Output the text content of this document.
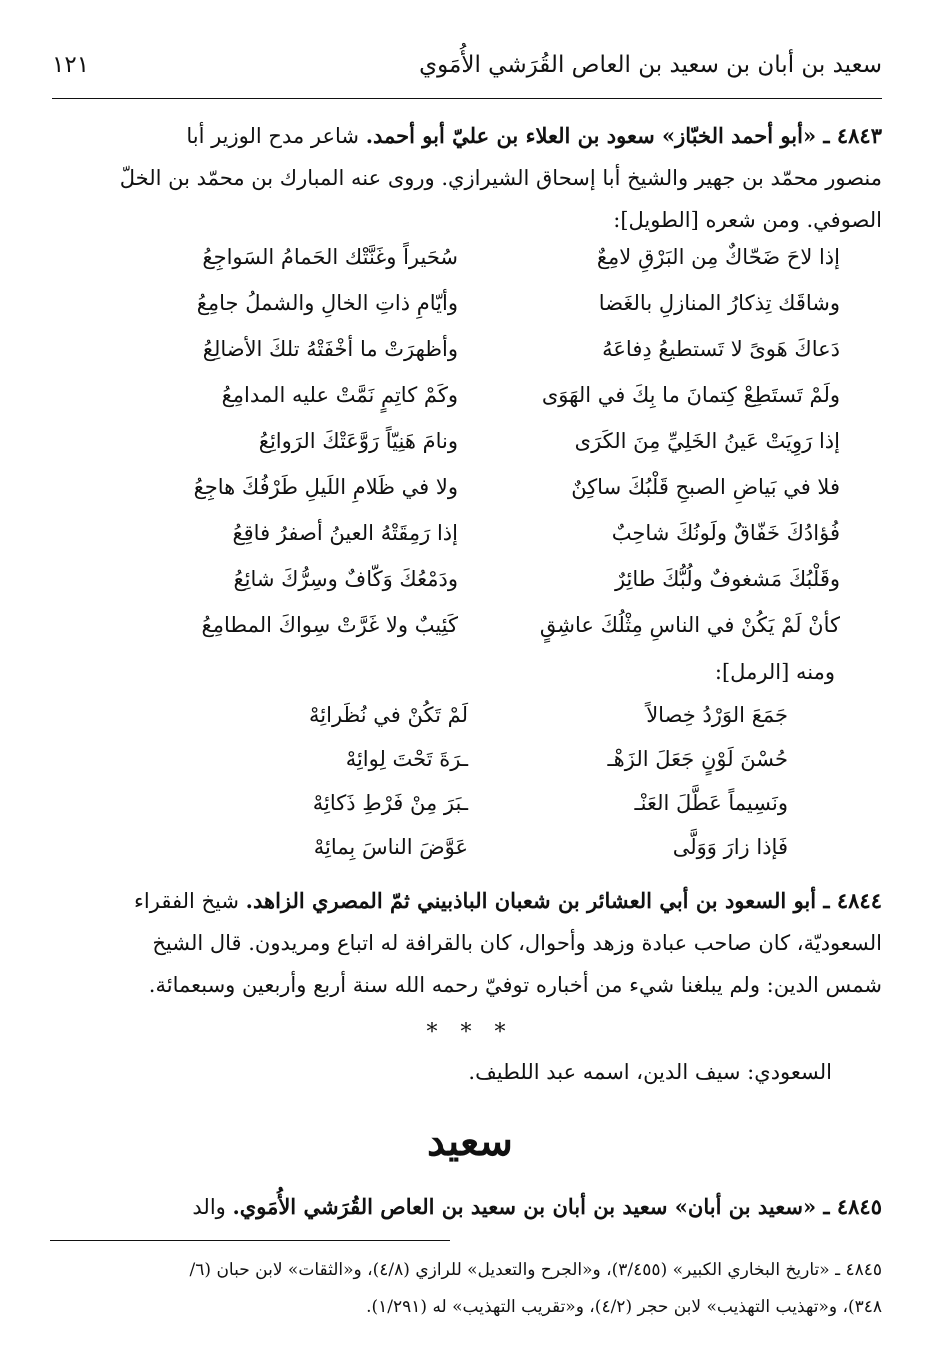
سعيد بن أبان بن سعيد بن العاص القُرَشي الأُمَوي
١٢١
٤٨٤٣ ـ «أبو أحمد الخبّاز» سعود بن العلاء بن عليّ أبو أحمد. شاعر مدح الوزير أبا
منصور محمّد بن جهير والشيخ أبا إسحاق الشيرازي. وروى عنه المبارك بن محمّد بن الخلّ
الصوفي. ومن شعره [الطويل]:
إذا لاحَ ضَحّاكٌ مِن البَرْقِ لامِعٌ
سُحَيراً وغَنَّتْك الحَمامُ السَواجِعُ
وشاقَك تِذكارُ المنازلِ بالغَضا
وأيّامِ ذاتِ الخالِ والشملُ جامِعُ
دَعاكَ هَوىً لا تَستطيعُ دِفاعَهُ
وأظهرَتْ ما أخْفَتْهُ تلكَ الأضالِعُ
ولَمْ تَستَطِعْ كِتمانَ ما بِكَ في الهَوَى
وكَمْ كاتِمٍ نَمَّتْ عليه المدامِعُ
إذا رَوِيَتْ عَينُ الخَلِيِّ مِنَ الكَرَى
ونامَ هَنِيّاً رَوَّعَتْكَ الرَوائِعُ
فلا في بَياضِ الصبحِ قَلْبُكَ ساكِنٌ
ولا في ظَلامِ اللَيلِ طَرْفُكَ هاجِعُ
فُؤادُكَ خَفّاقٌ ولَونُكَ شاحِبٌ
إذا رَمِقَتْهُ العينُ أصفرُ فاقِعُ
وقَلْبُكَ مَشغوفٌ ولُبُّكَ طائِرٌ
ودَمْعُكَ وَكّافٌ وسِرُّكَ شائِعُ
كأنْ لَمْ يَكُنْ في الناسِ مِثْلُكَ عاشِقٍ
كَئِيبٌ ولا غَرَّتْ سِواكَ المطامِعُ
ومنه [الرمل]:
جَمَعَ الوَرْدُ خِصالاً
لَمْ تَكُنْ في نُظَرائِهْ
حُسْنَ لَوْنٍ جَعَلَ الزَهْـ
ـرَةَ تَحْتَ لِوائِهْ
ونَسِيماً عَطَّلَ العَنْـ
ـبَرَ مِنْ فَرْطِ ذَكائِهْ
فَإذا زارَ وَوَلَّى
عَوَّضَ الناسَ بِمائِهْ
٤٨٤٤ ـ أبو السعود بن أبي العشائر بن شعبان الباذبيني ثمّ المصري الزاهد. شيخ الفقراء
السعوديّة، كان صاحب عبادة وزهد وأحوال، كان بالقرافة له اتباع ومريدون. قال الشيخ
شمس الدين: ولم يبلغنا شيء من أخباره توفيّ رحمه الله سنة أربع وأربعين وسبعمائة.
* * *
السعودي: سيف الدين، اسمه عبد اللطيف.
سعيد
٤٨٤٥ ـ «سعيد بن أبان» سعيد بن أبان بن سعيد بن العاص القُرَشي الأُمَوي. والد
٤٨٤٥ ـ «تاريخ البخاري الكبير» (٣/٤٥٥)، و«الجرح والتعديل» للرازي (٤/٨)، و«الثقات» لابن حبان (٦/
٣٤٨)، و«تهذيب التهذيب» لابن حجر (٤/٢)، و«تقريب التهذيب» له (١/٢٩١).
